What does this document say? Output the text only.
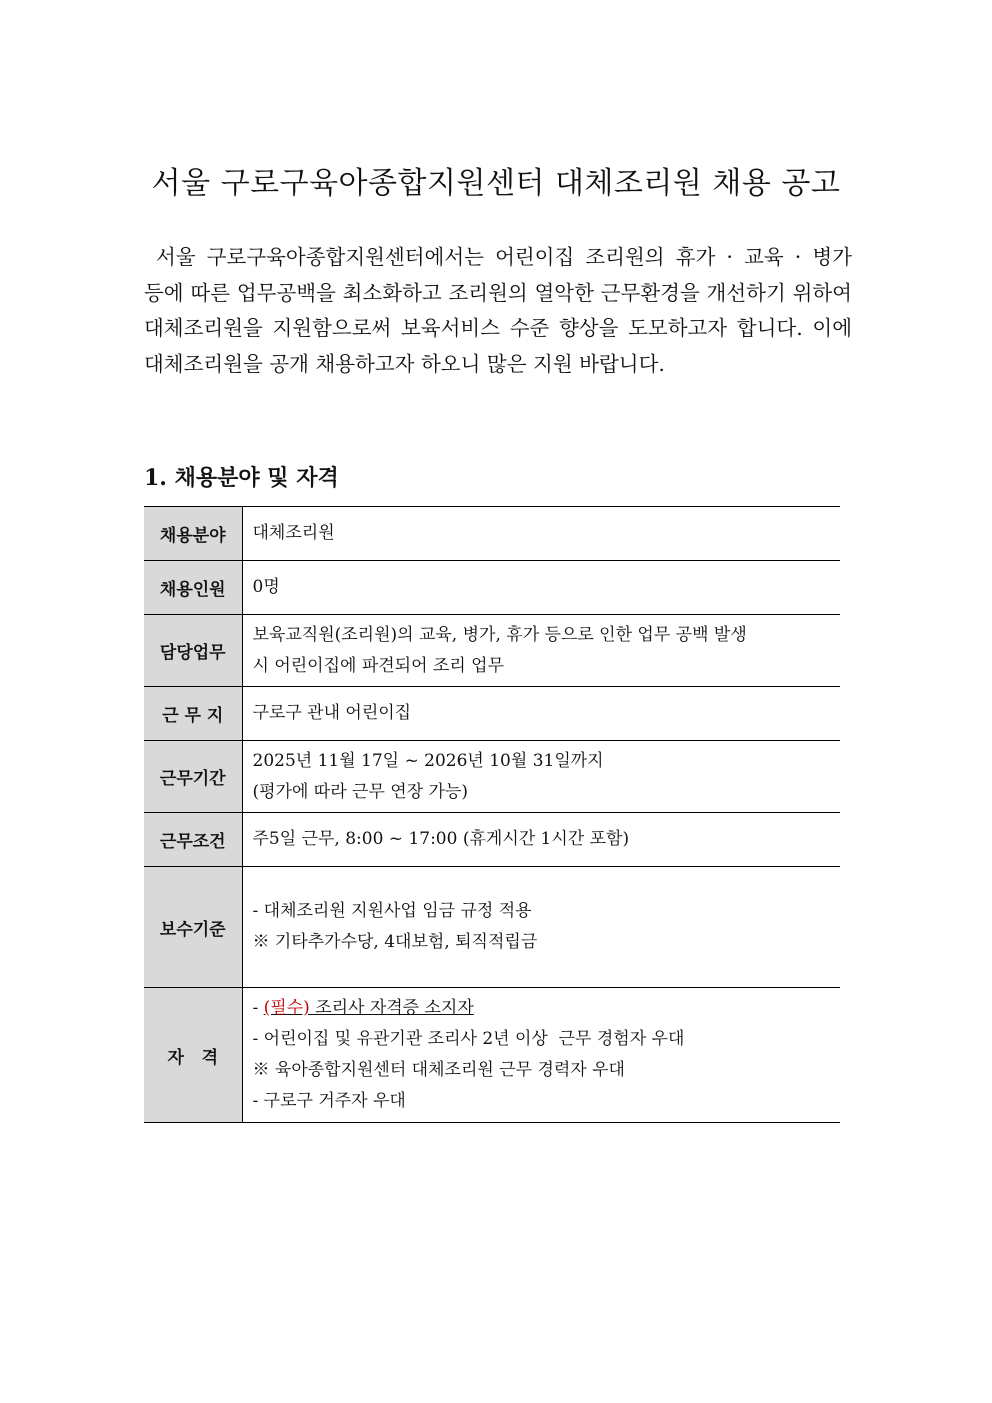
서울 구로구육아종합지원센터 대체조리원 채용 공고

서울 구로구육아종합지원센터에서는 어린이집 조리원의 휴가 · 교육 · 병가 등에 따른 업무공백을 최소화하고 조리원의 열악한 근무환경을 개선하기 위하여 대체조리원을 지원함으로써 보육서비스 수준 향상을 도모하고자 합니다. 이에 대체조리원을 공개 채용하고자 하오니 많은 지원 바랍니다.

1. 채용분야 및 자격
채용분야	대체조리원

채용인원	0명

담당업무	보육교직원(조리원)의 교육, 병가, 휴가 등으로 인한 업무 공백 발생
시 어린이집에 파견되어 조리 업무

근 무 지	구로구 관내 어린이집

근무기간	2025년 11월 17일 ~ 2026년 10월 31일까지
(평가에 따라 근무 연장 가능)

근무조건	주5일 근무, 8:00 ~ 17:00 (휴게시간 1시간 포함)

보수기준	- 대체조리원 지원사업 임금 규정 적용
※ 기타추가수당, 4대보험, 퇴직적립금

자   격	- (필수) 조리사 자격증 소지자
- 어린이집 및 유관기관 조리사 2년 이상  근무 경험자 우대
※ 육아종합지원센터 대체조리원 근무 경력자 우대
- 구로구 거주자 우대
